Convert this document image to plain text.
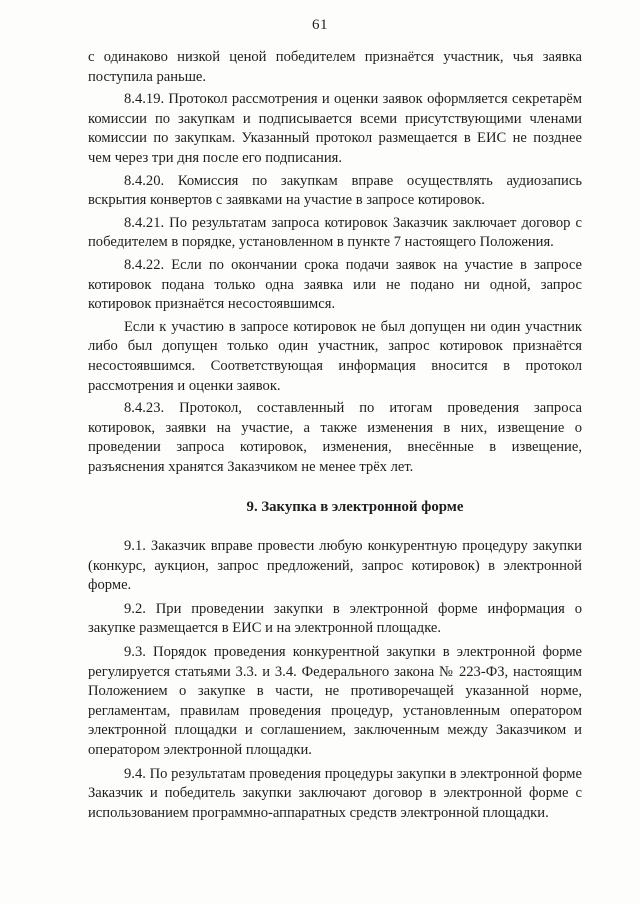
61

с одинаково низкой ценой победителем признаётся участник, чья заявка поступила раньше.

8.4.19. Протокол рассмотрения и оценки заявок оформляется секретарём комиссии по закупкам и подписывается всеми присутствующими членами комиссии по закупкам. Указанный протокол размещается в ЕИС не позднее чем через три дня после его подписания.

8.4.20. Комиссия по закупкам вправе осуществлять аудиозапись вскрытия конвертов с заявками на участие в запросе котировок.

8.4.21. По результатам запроса котировок Заказчик заключает договор с победителем в порядке, установленном в пункте 7 настоящего Положения.

8.4.22. Если по окончании срока подачи заявок на участие в запросе котировок подана только одна заявка или не подано ни одной, запрос котировок признаётся несостоявшимся.

Если к участию в запросе котировок не был допущен ни один участник либо был допущен только один участник, запрос котировок признаётся несостоявшимся. Соответствующая информация вносится в протокол рассмотрения и оценки заявок.

8.4.23. Протокол, составленный по итогам проведения запроса котировок, заявки на участие, а также изменения в них, извещение о проведении запроса котировок, изменения, внесённые в извещение, разъяснения хранятся Заказчиком не менее трёх лет.

9. Закупка в электронной форме

9.1. Заказчик вправе провести любую конкурентную процедуру закупки (конкурс, аукцион, запрос предложений, запрос котировок) в электронной форме.

9.2. При проведении закупки в электронной форме информация о закупке размещается в ЕИС и на электронной площадке.

9.3. Порядок проведения конкурентной закупки в электронной форме регулируется статьями 3.3. и 3.4. Федерального закона № 223-ФЗ, настоящим Положением о закупке в части, не противоречащей указанной норме, регламентам, правилам проведения процедур, установленным оператором электронной площадки и соглашением, заключенным между Заказчиком и оператором электронной площадки.

9.4. По результатам проведения процедуры закупки в электронной форме Заказчик и победитель закупки заключают договор в электронной форме с использованием программно-аппаратных средств электронной площадки.
